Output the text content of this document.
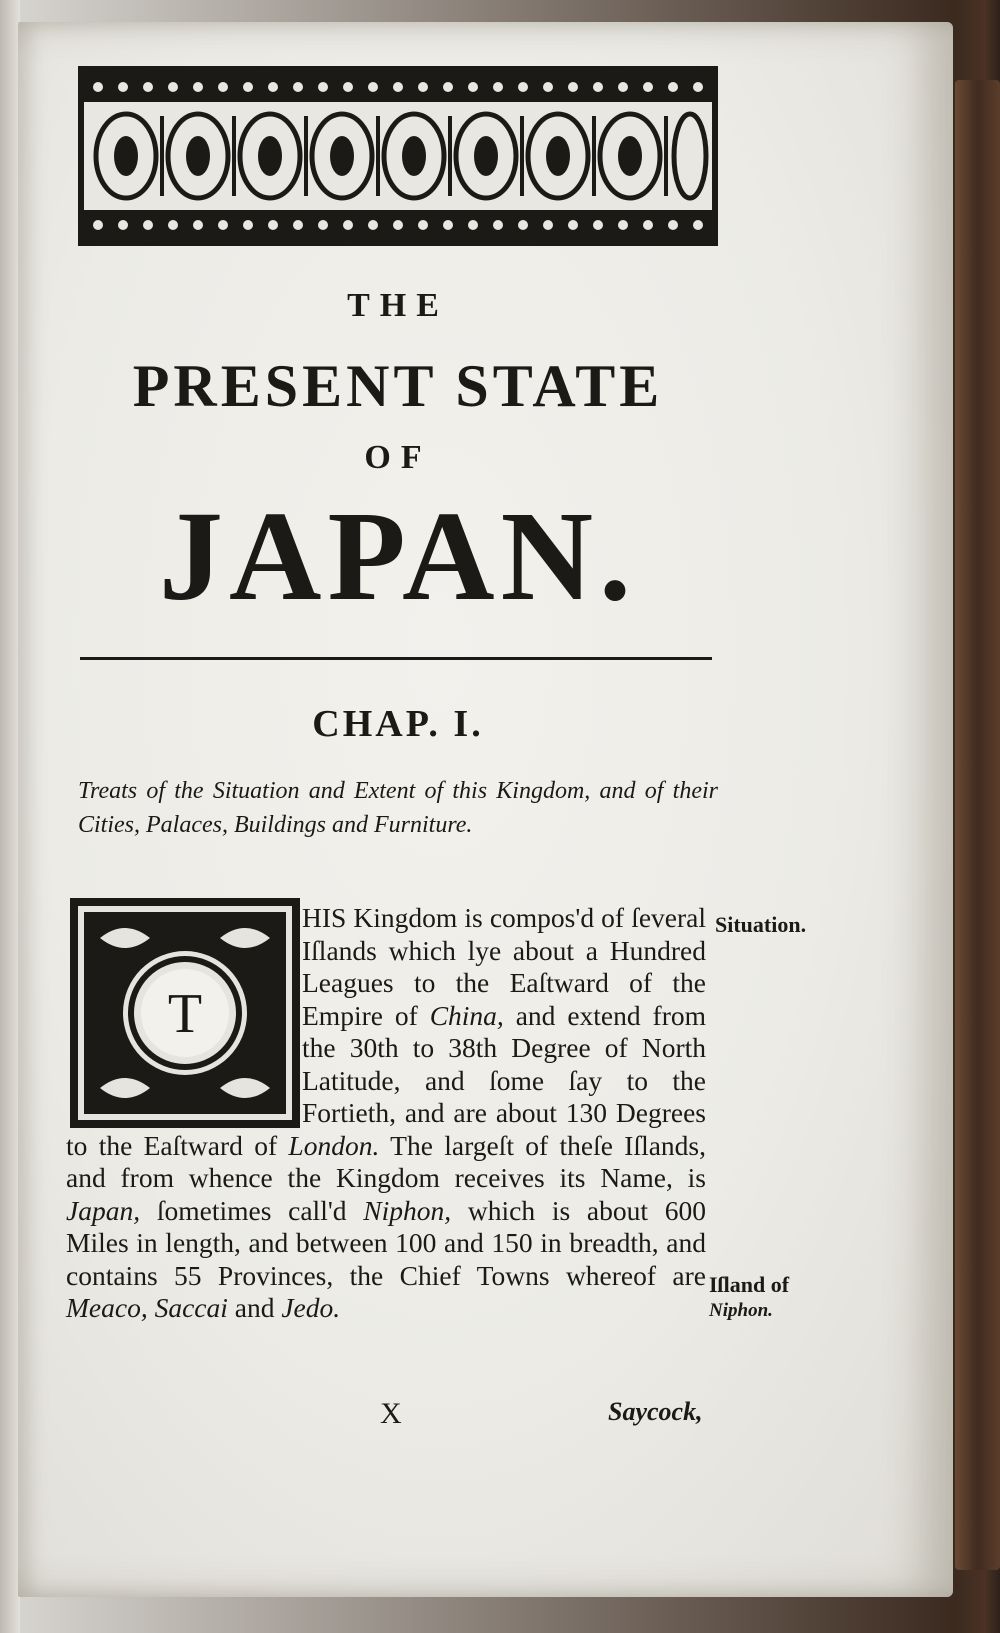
THE
PRESENT STATE
OF
JAPAN.
CHAP. I.
Treats of the Situation and Extent of this Kingdom, and of their Cities, Palaces, Buildings and Furniture.
T

HIS Kingdom is compos'd of ſeveral Iſlands which lye about a Hundred Leagues to the Eaſtward of the Empire of China, and extend from the 30th to 38th Degree of North Latitude, and ſome ſay to the Fortieth, and are about 130 Degrees to the Eaſtward of London. The largeſt of theſe Iſlands, and from whence the Kingdom receives its Name, is Japan, ſometimes call'd Niphon, which is about 600 Miles in length, and between 100 and 150 in breadth, and contains 55 Provinces, the Chief Towns whereof are Meaco, Saccai and Jedo.

Situation.
Iſland of
Niphon.
X	Saycock,
